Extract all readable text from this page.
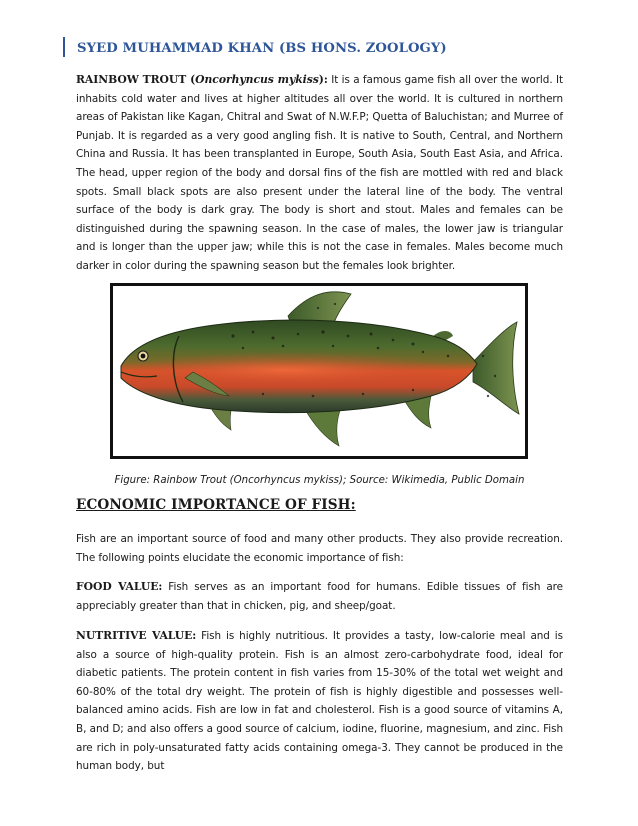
SYED MUHAMMAD KHAN (BS HONS. ZOOLOGY)

RAINBOW TROUT (Oncorhyncus mykiss): It is a famous game fish all over the world. It inhabits cold water and lives at higher altitudes all over the world. It is cultured in northern areas of Pakistan like Kagan, Chitral and Swat of N.W.F.P; Quetta of Baluchistan; and Murree of Punjab. It is regarded as a very good angling fish. It is native to South, Central, and Northern China and Russia. It has been transplanted in Europe, South Asia, South East Asia, and Africa. The head, upper region of the body and dorsal fins of the fish are mottled with red and black spots. Small black spots are also present under the lateral line of the body. The ventral surface of the body is dark gray. The body is short and stout. Males and females can be distinguished during the spawning season. In the case of males, the lower jaw is triangular and is longer than the upper jaw; while this is not the case in females. Males become much darker in color during the spawning season but the females look brighter.

Figure: Rainbow Trout (Oncorhyncus mykiss); Source: Wikimedia, Public Domain
ECONOMIC IMPORTANCE OF FISH:

Fish are an important source of food and many other products. They also provide recreation. The following points elucidate the economic importance of fish:

FOOD VALUE: Fish serves as an important food for humans. Edible tissues of fish are appreciably greater than that in chicken, pig, and sheep/goat.

NUTRITIVE VALUE: Fish is highly nutritious. It provides a tasty, low-calorie meal and is also a source of high-quality protein. Fish is an almost zero-carbohydrate food, ideal for diabetic patients. The protein content in fish varies from 15-30% of the total wet weight and 60-80% of the total dry weight. The protein of fish is highly digestible and possesses well-balanced amino acids. Fish are low in fat and cholesterol. Fish is a good source of vitamins A, B, and D; and also offers a good source of calcium, iodine, fluorine, magnesium, and zinc. Fish are rich in poly-unsaturated fatty acids containing omega-3. They cannot be produced in the human body, but
